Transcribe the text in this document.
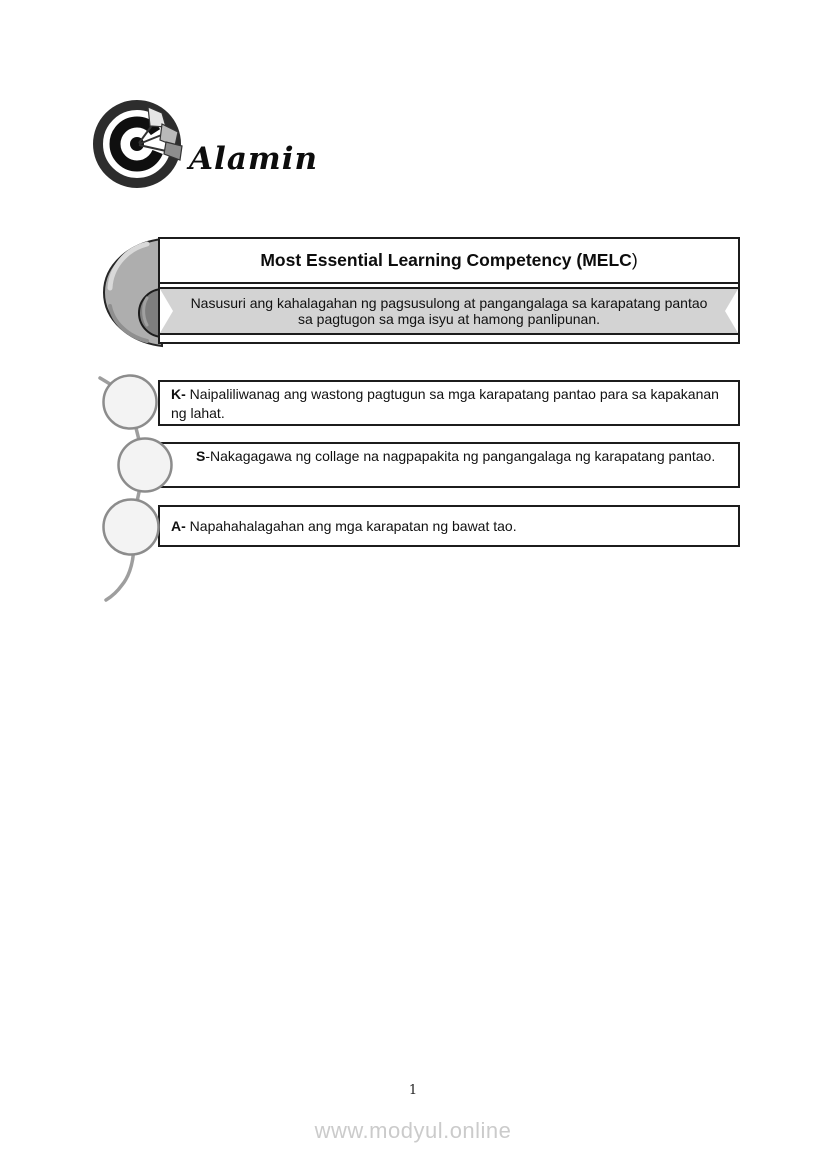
Alamin
Most Essential Learning Competency (MELC)
Nasusuri ang kahalagahan ng pagsusulong at pangangalaga sa karapatang pantao sa pagtugon sa mga isyu at hamong panlipunan.
K- Naipaliliwanag ang wastong pagtugun sa mga karapatang pantao para sa kapakanan ng lahat.
S-Nakagagawa ng collage na nagpapakita ng pangangalaga ng karapatang pantao.
A- Napahahalagahan ang mga karapatan ng bawat tao.
1
www.modyul.online
